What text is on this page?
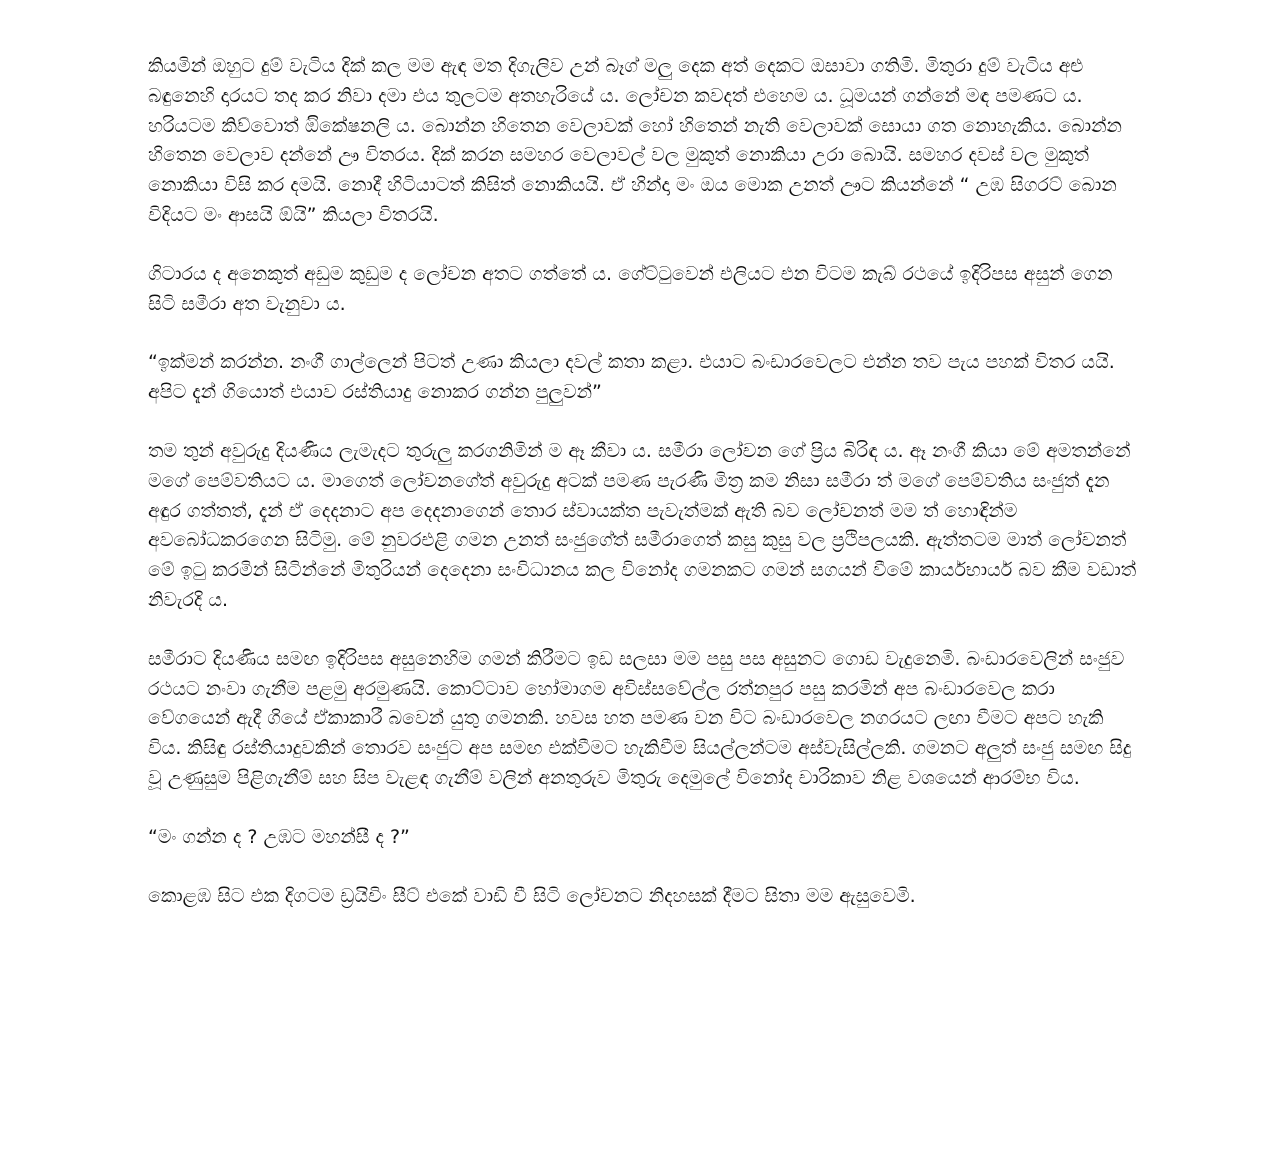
කියමින් ඔහුට දුම් වැටිය දික් කල මම ඇඳ මත දිගැලිව උන් බෑග් මලු දෙක අත් දෙකට ඔසාවා ගතිමි. මිතුරා දුම් වැටිය අළු බඳුනෙහි දාරයට තද කර නිවා දමා එය තුලටම අතහැරියේ ය. ලෝචන කවදත් එහෙම ය. ධූමයන් ගන්නේ මඳ පමණට ය. හරියටම කිව්වොත් ඔිකේෂනලි ය. බොන්න හිතෙන වෙලාවක් හෝ හිතෙන් නැති වෙලාවක් සොයා ගත නොහැකිය. බොන්න හිතෙන වෙලාව දන්නේ ඌ විතරය. දික් කරන සමහර වෙලාවල් වල මුකුත් නොකියා උරා බොයි. සමහර දවස් වල මුකුත් නොකියා විසි කර දමයි. නොදී හිටියාටත් කිසිත් නොකියයි. ඒ හින්දා මං ඔය මොක උනත් ඌට කියන්නේ “ උඹ සිගරට් බොන විදියට මං ආසයි ඕයි” කියලා විතරයි.

ගිටාරය ද අනෙකුත් අඩුම කුඩුම ද ලෝචන අතට ගත්තේ ය. ගේට්ටුවෙන් එලියට එන විටම කැබ් රථයේ ඉදිරිපස අසුන් ගෙන සිටි සමීරා අත වැනුවා ය.

“ඉක්මන් කරන්න. නංගී ගාල්ලෙන් පිටත් උණා කියලා දවල් කතා කළා. එයාට බංඩාරවෙලට එන්න තව පැය පහක් විතර යයි. අපිට දැන් ගියොත් එයාව රස්තියාදු නොකර ගන්න පුලුවන්”

තම තුන් අවුරුදු දියණිය ලැමැදට තුරුලු කරගනිමින් ම ඈ කීවා ය. සමීරා ලෝචන ගේ ප්‍රිය බිරිඳ ය. ඈ නංගී කියා මේ අමතන්නේ මගේ පෙම්වතියට ය. මාගෙත් ලෝචනගේත් අවුරුදු අටක් පමණ පැරණි මිත්‍ර කම නිසා සමීරා ත් මගේ පෙම්වතිය සංජුත් දැන අඳුර ගත්තත්, දැන් ඒ දෙදනාට අප දෙදනාගෙන් තොර ස්වායක්ත පැවැත්මක් ඇති බව ලෝචනත් මම ත් හොඳින්ම අවබෝධකරගෙන සිටිමු. මේ නුවරඑළි ගමන උනත් සංජුගේත් සමීරාගෙත් කසු කුසු වල ප්‍රථිපලයකි. ඇත්තටම මාත් ලෝචනත් මේ ඉටු කරමින් සිටින්නේ මිතුරියන් දෙදෙනා සංවිධානය කල විනෝද ගමනකට ගමන් සගයන් වීමේ කාර්යභාර්ය බව කීම වඩාත් නිවැරදි ය.

සමීරාට දියණිය සමඟ ඉදිරිපස අසුනෙහිම ගමන් කිරීමට ඉඩ සලසා මම පසු පස අසුනට ගොඩ වැදුනෙමි. බංඩාරවෙලින් සංජුව රථයට නංවා ගැනීම පළමු අරමුණයි. කොට්ටාව හෝමාගම අවිස්සවේල්ල රත්නපුර පසු කරමින් අප බංඩාරවෙල කරා වේගයෙන් ඇදී ගියේ ඒකාකාරී බවෙන් යුතු ගමනකි. හවස හත පමණ වන විට බංඩාරවෙල නගරයට ලඟා වීමට අපට හැකි විය. කිසිඳු රස්තියාදුවකින් තොරව සංජුට අප සමඟ එක්වීමට හැකිවීම සියල්ලන්ටම අස්වැසිල්ලකි. ගමනට අලුත් සංජු සමඟ සිදු වූ උණුසුම පිළිගැනීම් සහ සිප වැළඳ ගැනීම් වලින් අනතුරුව මිතුරු දෙමුලේ විනෝද චාරිකාව නිළ වශයෙන් ආරම්භ විය.

“මං ගන්න ද ? උඹට මහන්සී ද ?”

කොළඹ සිට එක දිගටම ඩ්‍රයිවිං සීට් එකේ වාඩි වී සිටි ලෝචනට නිදහසක් දීමට සිතා මම ඇසුවෙමි.
